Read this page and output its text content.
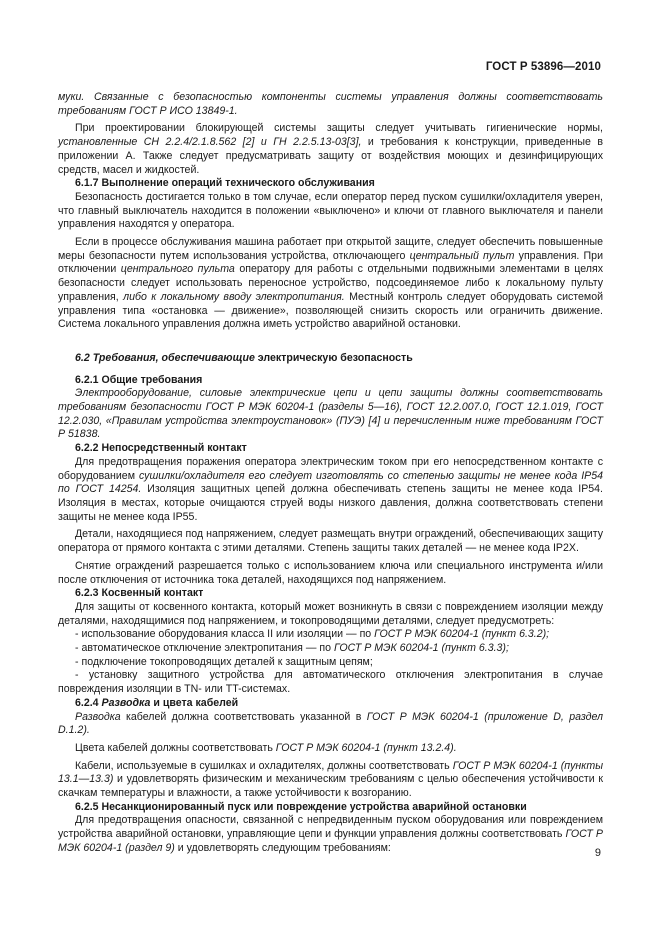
ГОСТ Р 53896—2010

муки. Связанные с безопасностью компоненты системы управления должны соответствовать требованиям ГОСТ Р ИСО 13849-1.

При проектировании блокирующей системы защиты следует учитывать гигиенические нормы, установленные СН 2.2.4/2.1.8.562 [2] и ГН 2.2.5.13-03[3], и требования к конструкции, приведенные в приложении А. Также следует предусматривать защиту от воздействия моющих и дезинфицирующих средств, масел и жидкостей.

6.1.7 Выполнение операций технического обслуживания

Безопасность достигается только в том случае, если оператор перед пуском сушилки/охладителя уверен, что главный выключатель находится в положении «выключено» и ключи от главного выключателя и панели управления находятся у оператора.

Если в процессе обслуживания машина работает при открытой защите, следует обеспечить повышенные меры безопасности путем использования устройства, отключающего центральный пульт управления. При отключении центрального пульта оператору для работы с отдельными подвижными элементами в целях безопасности следует использовать переносное устройство, подсоединяемое либо к локальному пульту управления, либо к локальному вводу электропитания. Местный контроль следует оборудовать системой управления типа «остановка — движение», позволяющей снизить скорость или ограничить движение. Система локального управления должна иметь устройство аварийной остановки.

6.2 Требования, обеспечивающие электрическую безопасность

6.2.1 Общие требования

Электрооборудование, силовые электрические цепи и цепи защиты должны соответствовать требованиям безопасности ГОСТ Р МЭК 60204-1 (разделы 5—16), ГОСТ 12.2.007.0, ГОСТ 12.1.019, ГОСТ 12.2.030, «Правилам устройства электроустановок» (ПУЭ) [4] и перечисленным ниже требованиям ГОСТ Р 51838.

6.2.2 Непосредственный контакт

Для предотвращения поражения оператора электрическим током при его непосредственном контакте с оборудованием сушилки/охладителя его следует изготовлять со степенью защиты не менее кода IP54 по ГОСТ 14254. Изоляция защитных цепей должна обеспечивать степень защиты не менее кода IP54. Изоляция в местах, которые очищаются струей воды низкого давления, должна соответствовать степени защиты не менее кода IP55.

Детали, находящиеся под напряжением, следует размещать внутри ограждений, обеспечивающих защиту оператора от прямого контакта с этими деталями. Степень защиты таких деталей — не менее кода IP2X.

Снятие ограждений разрешается только с использованием ключа или специального инструмента и/или после отключения от источника тока деталей, находящихся под напряжением.

6.2.3 Косвенный контакт

Для защиты от косвенного контакта, который может возникнуть в связи с повреждением изоляции между деталями, находящимися под напряжением, и токопроводящими деталями, следует предусмотреть:

- использование оборудования класса II или изоляции — по ГОСТ Р МЭК 60204-1 (пункт 6.3.2);

- автоматическое отключение электропитания — по ГОСТ Р МЭК 60204-1 (пункт 6.3.3);

- подключение токопроводящих деталей к защитным цепям;

- установку защитного устройства для автоматического отключения электропитания в случае повреждения изоляции в TN- или TT-системах.

6.2.4 Разводка и цвета кабелей

Разводка кабелей должна соответствовать указанной в ГОСТ Р МЭК 60204-1 (приложение D, раздел D.1.2).

Цвета кабелей должны соответствовать ГОСТ Р МЭК 60204-1 (пункт 13.2.4).

Кабели, используемые в сушилках и охладителях, должны соответствовать ГОСТ Р МЭК 60204-1 (пункты 13.1—13.3) и удовлетворять физическим и механическим требованиям с целью обеспечения устойчивости к скачкам температуры и влажности, а также устойчивости к возгоранию.

6.2.5 Несанкционированный пуск или повреждение устройства аварийной остановки

Для предотвращения опасности, связанной с непредвиденным пуском оборудования или повреждением устройства аварийной остановки, управляющие цепи и функции управления должны соответствовать ГОСТ Р МЭК 60204-1 (раздел 9) и удовлетворять следующим требованиям:	9
